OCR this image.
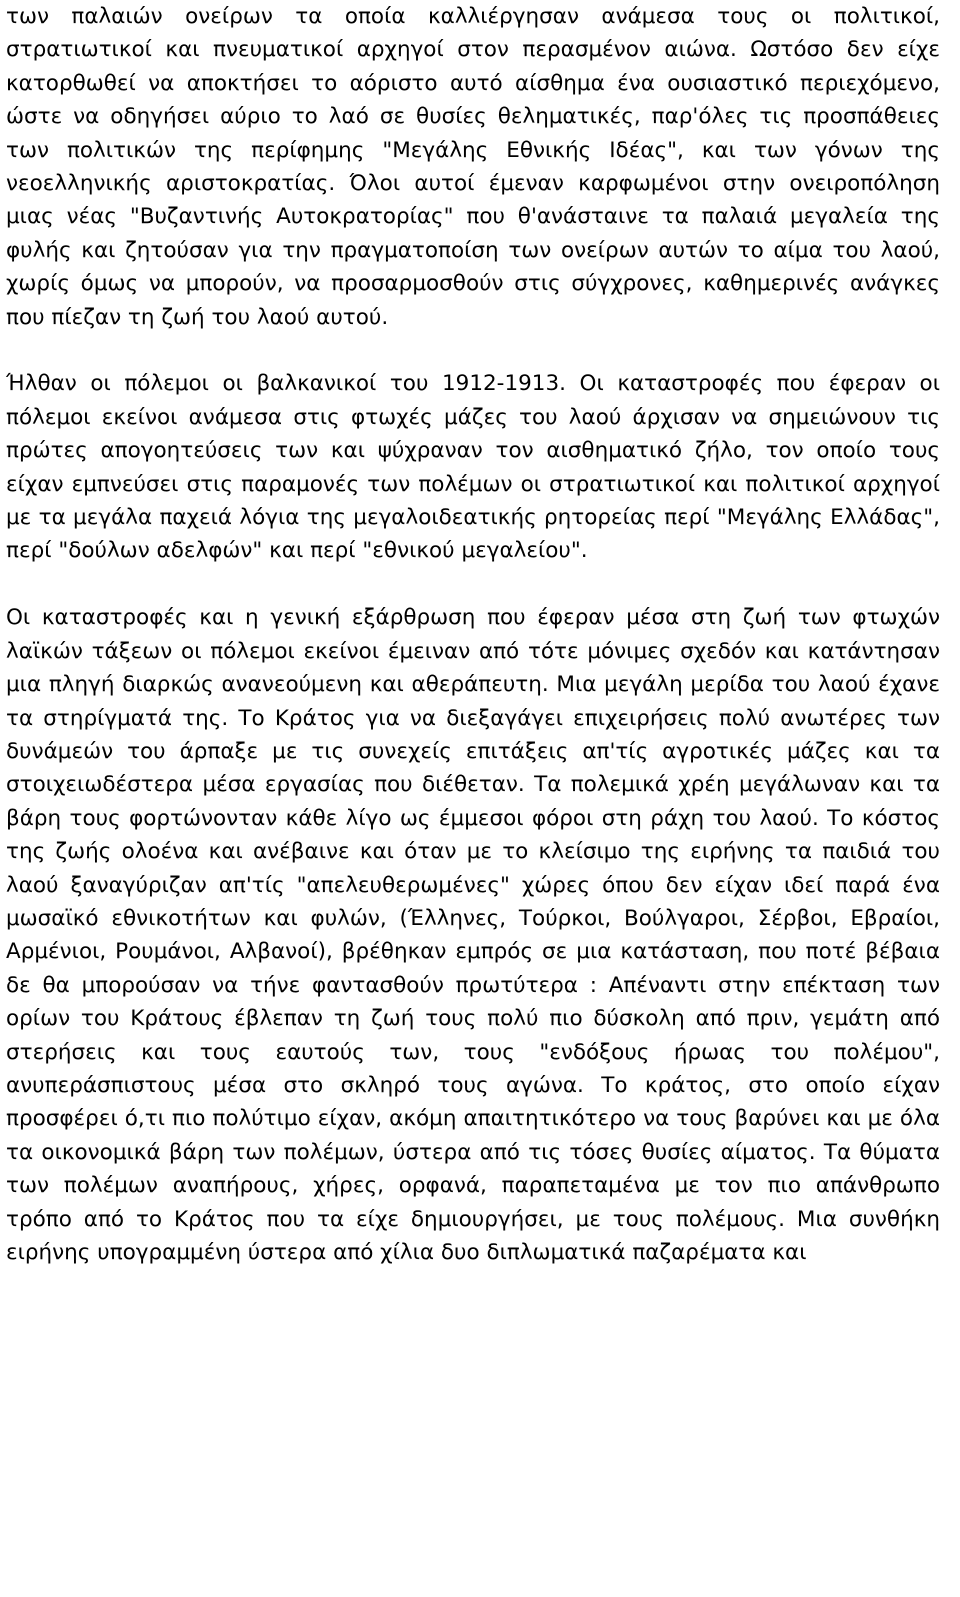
των παλαιών ονείρων τα οποία καλλιέργησαν ανάμεσα τους οι πολιτικοί, στρατιωτικοί και πνευματικοί αρχηγοί στον περασμένον αιώνα. Ωστόσο δεν είχε κατορθωθεί να αποκτήσει το αόριστο αυτό αίσθημα ένα ουσιαστικό περιεχόμενο, ώστε να οδηγήσει αύριο το λαό σε θυσίες θεληματικές, παρ'όλες τις προσπάθειες των πολιτικών της περίφημης "Μεγάλης Εθνικής Ιδέας", και των γόνων της νεοελληνικής αριστοκρατίας. Όλοι αυτοί έμεναν καρφωμένοι στην ονειροπόληση μιας νέας "Βυζαντινής Αυτοκρατορίας" που θ'ανάσταινε τα παλαιά μεγαλεία της φυλής και ζητούσαν για την πραγματοποίση των ονείρων αυτών το αίμα του λαού, χωρίς όμως να μπορούν, να προσαρμοσθούν στις σύγχρονες, καθημερινές ανάγκες που πίεζαν τη ζωή του λαού αυτού.

Ήλθαν οι πόλεμοι οι βαλκανικοί του 1912-1913. Οι καταστροφές που έφεραν οι πόλεμοι εκείνοι ανάμεσα στις φτωχές μάζες του λαού άρχισαν να σημειώνουν τις πρώτες απογοητεύσεις των και ψύχραναν τον αισθηματικό ζήλο, τον οποίο τους είχαν εμπνεύσει στις παραμονές των πολέμων οι στρατιωτικοί και πολιτικοί αρχηγοί με τα μεγάλα παχειά λόγια της μεγαλοιδεατικής ρητορείας περί "Μεγάλης Ελλάδας", περί "δούλων αδελφών" και περί "εθνικού μεγαλείου".

Οι καταστροφές και η γενική εξάρθρωση που έφεραν μέσα στη ζωή των φτωχών λαϊκών τάξεων οι πόλεμοι εκείνοι έμειναν από τότε μόνιμες σχεδόν και κατάντησαν μια πληγή διαρκώς ανανεούμενη και αθεράπευτη. Μια μεγάλη μερίδα του λαού έχανε τα στηρίγματά της. Το Κράτος για να διεξαγάγει επιχειρήσεις πολύ ανωτέρες των δυνάμεών του άρπαξε με τις συνεχείς επιτάξεις απ'τίς αγροτικές μάζες και τα στοιχειωδέστερα μέσα εργασίας που διέθεταν. Τα πολεμικά χρέη μεγάλωναν και τα βάρη τους φορτώνονταν κάθε λίγο ως έμμεσοι φόροι στη ράχη του λαού. Το κόστος της ζωής ολοένα και ανέβαινε και όταν με το κλείσιμο της ειρήνης τα παιδιά του λαού ξαναγύριζαν απ'τίς "απελευθερωμένες" χώρες όπου δεν είχαν ιδεί παρά ένα μωσαϊκό εθνικοτήτων και φυλών, (Έλληνες, Τούρκοι, Βούλγαροι, Σέρβοι, Εβραίοι, Αρμένιοι, Ρουμάνοι, Αλβανοί), βρέθηκαν εμπρός σε μια κατάσταση, που ποτέ βέβαια δε θα μπορούσαν να τήνε φαντασθούν πρωτύτερα : Απέναντι στην επέκταση των ορίων του Κράτους έβλεπαν τη ζωή τους πολύ πιο δύσκολη από πριν, γεμάτη από στερήσεις και τους εαυτούς των, τους "ενδόξους ήρωας του πολέμου", ανυπεράσπιστους μέσα στο σκληρό τους αγώνα. Το κράτος, στο οποίο είχαν προσφέρει ό,τι πιο πολύτιμο είχαν, ακόμη απαιτητικότερο να τους βαρύνει και με όλα τα οικονομικά βάρη των πολέμων, ύστερα από τις τόσες θυσίες αίματος. Τα θύματα των πολέμων αναπήρους, χήρες, ορφανά, παραπεταμένα με τον πιο απάνθρωπο τρόπο από το Κράτος που τα είχε δημιουργήσει, με τους πολέμους. Μια συνθήκη ειρήνης υπογραμμένη ύστερα από χίλια δυο διπλωματικά παζαρέματα και
